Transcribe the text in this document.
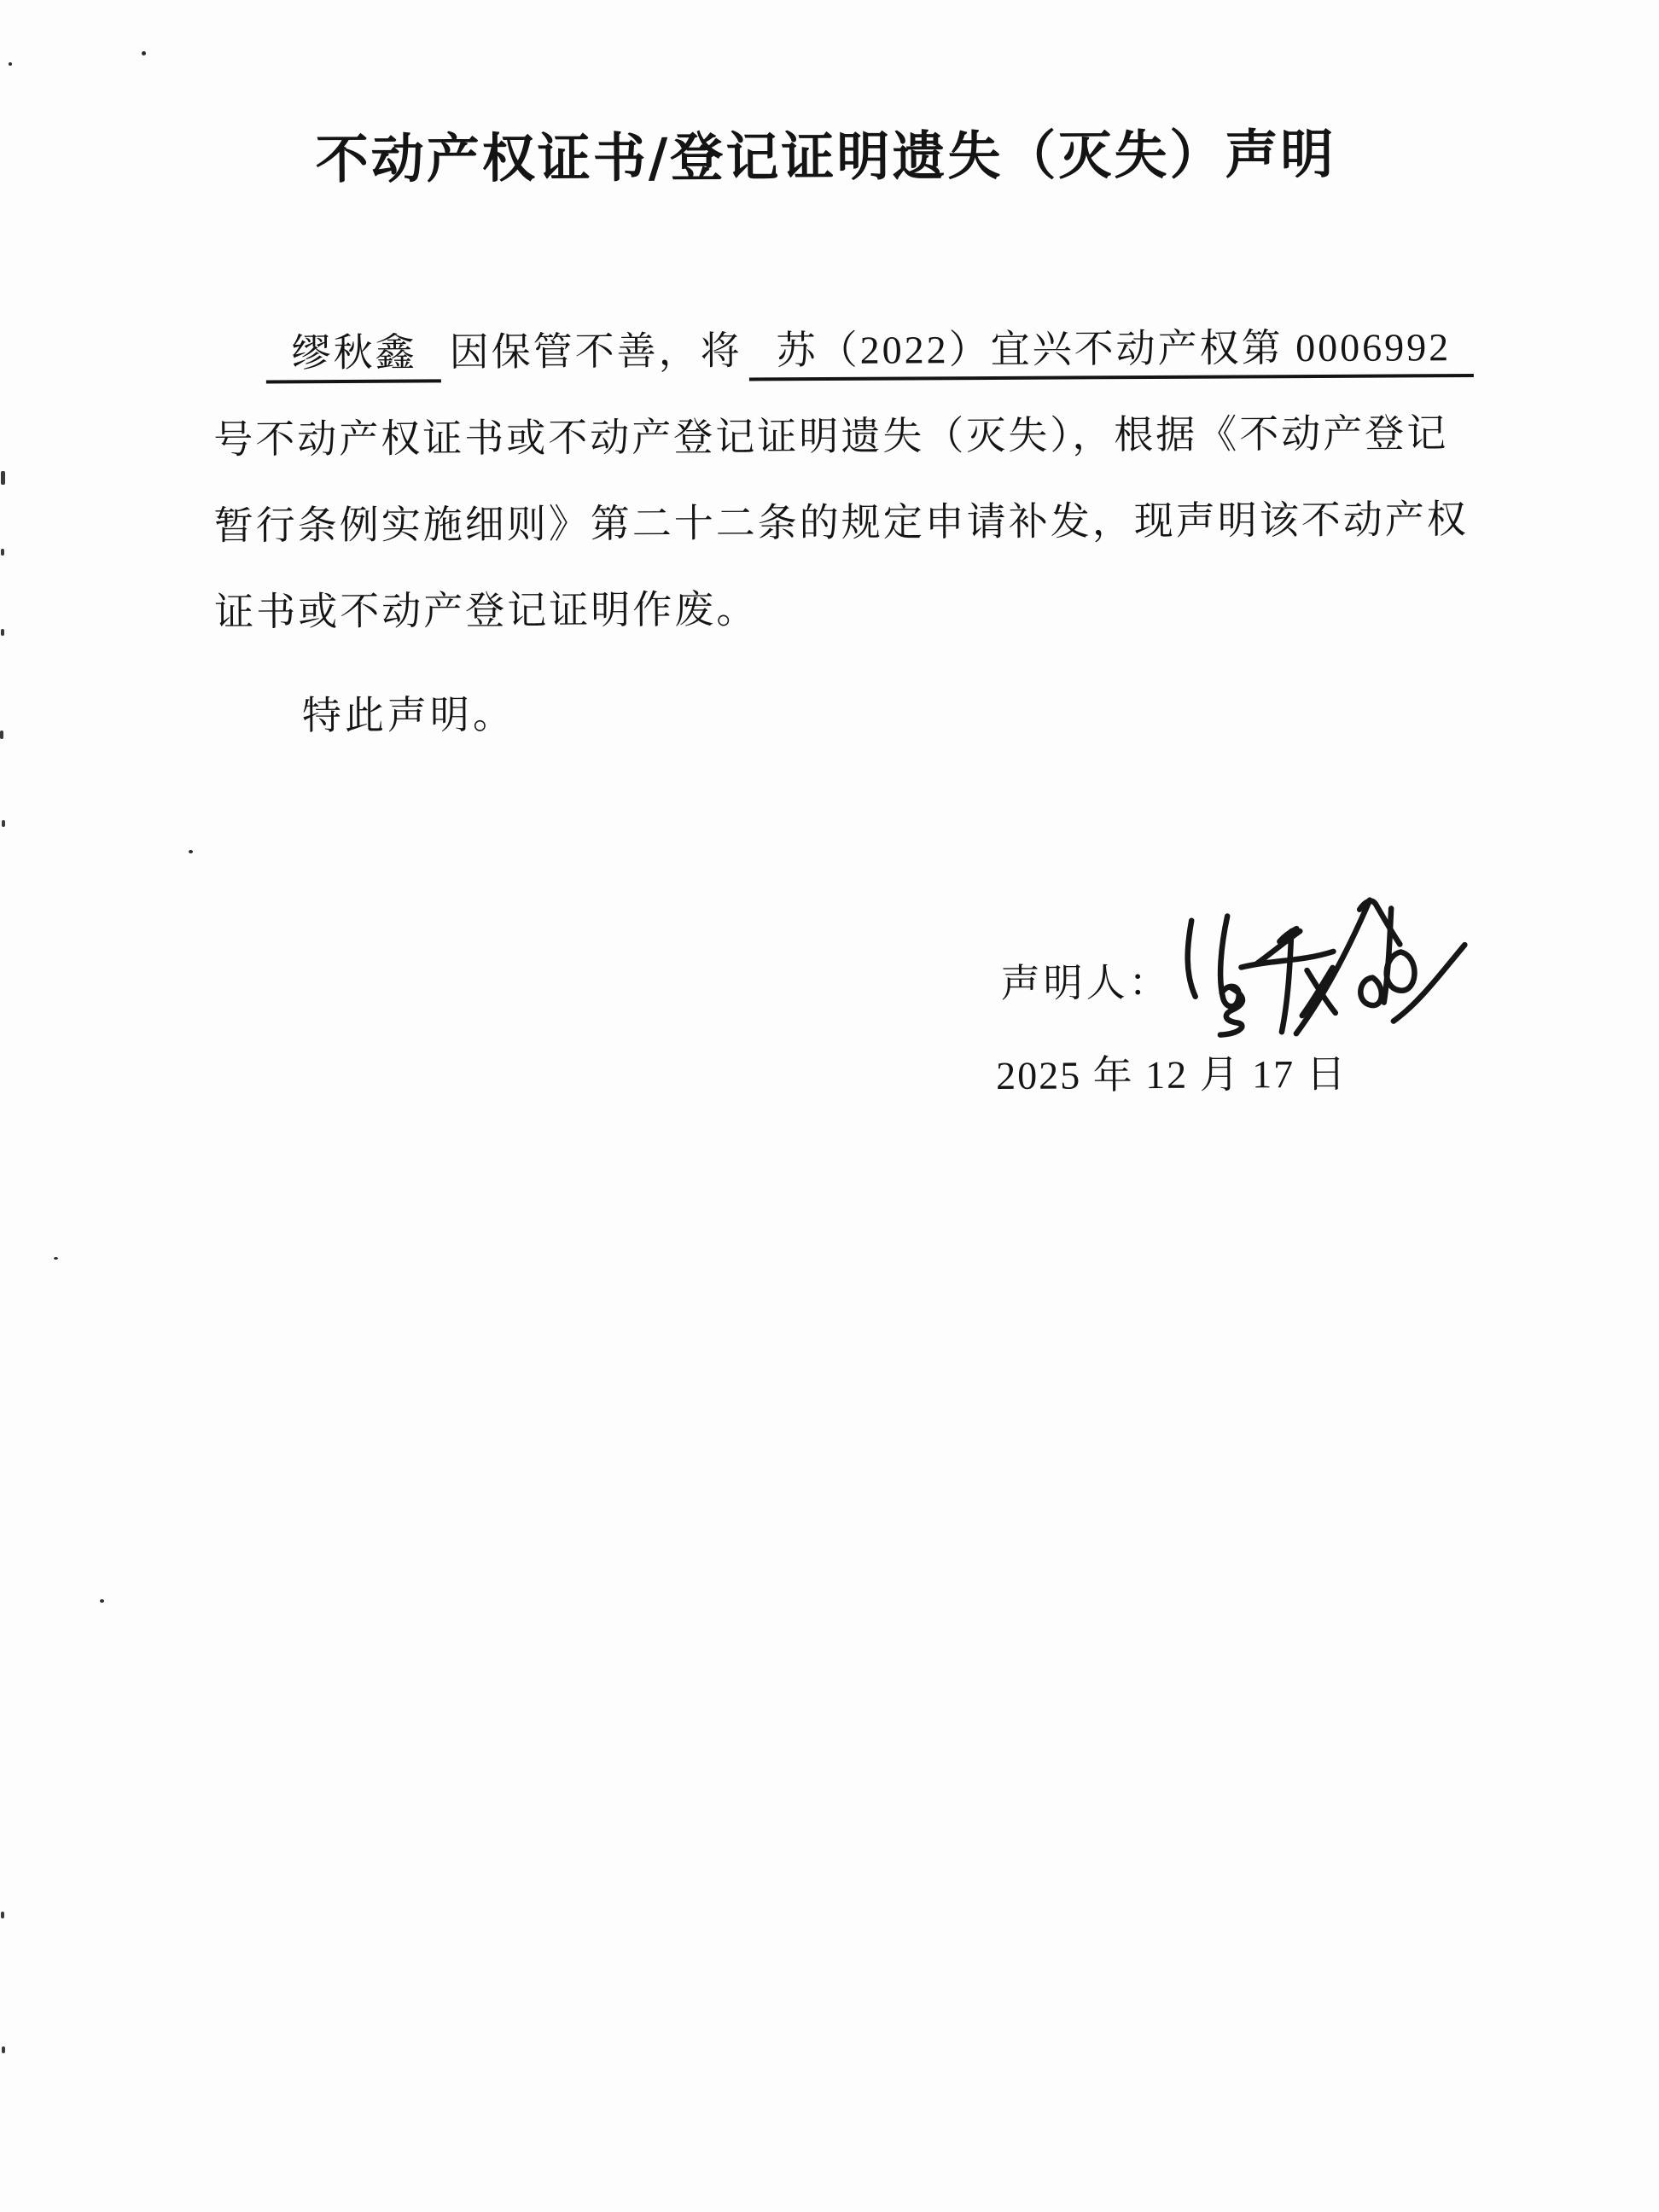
不动产权证书/登记证明遗失（灭失）声明
缪秋鑫 因保管不善，将 苏（2022）宜兴不动产权第 0006992
号不动产权证书或不动产登记证明遗失（灭失），根据《不动产登记
暂行条例实施细则》第二十二条的规定申请补发，现声明该不动产权
证书或不动产登记证明作废。
特此声明。
声明人：
2025 年 12 月 17 日
